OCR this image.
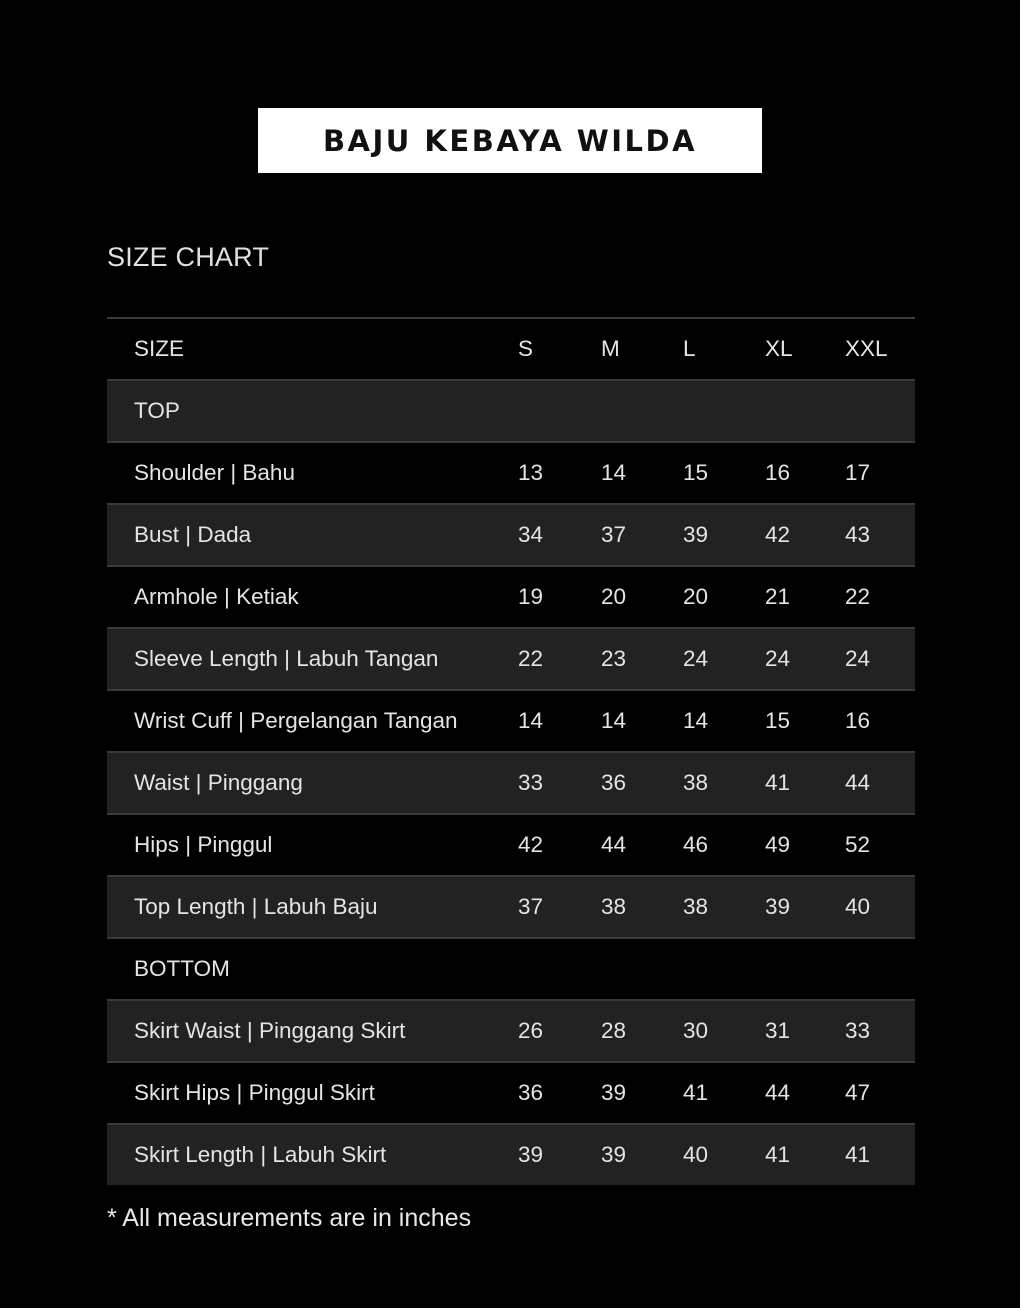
BAJU KEBAYA WILDA
SIZE CHART
SIZE	S	M	L	XL	XXL
TOP
Shoulder | Bahu	13	14	15	16	17
Bust | Dada	34	37	39	42	43
Armhole | Ketiak	19	20	20	21	22
Sleeve Length | Labuh Tangan	22	23	24	24	24
Wrist Cuff | Pergelangan Tangan	14	14	14	15	16
Waist | Pinggang	33	36	38	41	44
Hips | Pinggul	42	44	46	49	52
Top Length | Labuh Baju	37	38	38	39	40
BOTTOM
Skirt Waist | Pinggang Skirt	26	28	30	31	33
Skirt Hips | Pinggul Skirt	36	39	41	44	47
Skirt Length | Labuh Skirt	39	39	40	41	41
* All measurements are in inches
